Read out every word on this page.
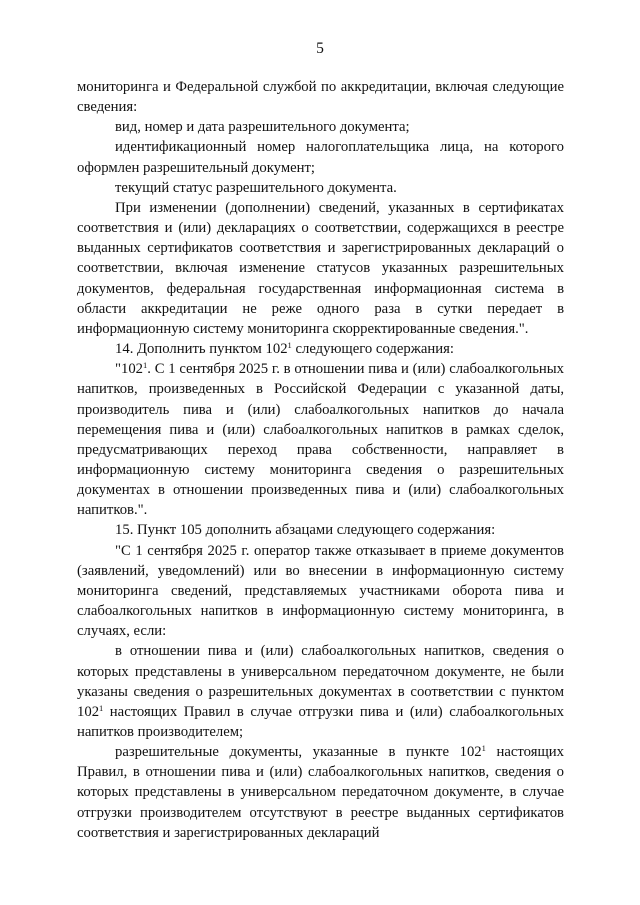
5

мониторинга и Федеральной службой по аккредитации, включая следующие сведения:

вид, номер и дата разрешительного документа;

идентификационный номер налогоплательщика лица, на которого оформлен разрешительный документ;

текущий статус разрешительного документа.

При изменении (дополнении) сведений, указанных в сертификатах соответствия и (или) декларациях о соответствии, содержащихся в реестре выданных сертификатов соответствия и зарегистрированных деклараций о соответствии, включая изменение статусов указанных разрешительных документов, федеральная государственная информационная система в области аккредитации не реже одного раза в сутки передает в информационную систему мониторинга скорректированные сведения.".

14. Дополнить пунктом $102^1$ следующего содержания:

"$102^1$. С 1 сентября 2025 г. в отношении пива и (или) слабоалкогольных напитков, произведенных в Российской Федерации с указанной даты, производитель пива и (или) слабоалкогольных напитков до начала перемещения пива и (или) слабоалкогольных напитков в рамках сделок, предусматривающих переход права собственности, направляет в информационную систему мониторинга сведения о разрешительных документах в отношении произведенных пива и (или) слабоалкогольных напитков.".

15. Пункт 105 дополнить абзацами следующего содержания:

"С 1 сентября 2025 г. оператор также отказывает в приеме документов (заявлений, уведомлений) или во внесении в информационную систему мониторинга сведений, представляемых участниками оборота пива и слабоалкогольных напитков в информационную систему мониторинга, в случаях, если:

в отношении пива и (или) слабоалкогольных напитков, сведения о которых представлены в универсальном передаточном документе, не были указаны сведения о разрешительных документах в соответствии с пунктом $102^1$ настоящих Правил в случае отгрузки пива и (или) слабоалкогольных напитков производителем;

разрешительные документы, указанные в пункте $102^1$ настоящих Правил, в отношении пива и (или) слабоалкогольных напитков, сведения о которых представлены в универсальном передаточном документе, в случае отгрузки производителем отсутствуют в реестре выданных сертификатов соответствия и зарегистрированных деклараций
